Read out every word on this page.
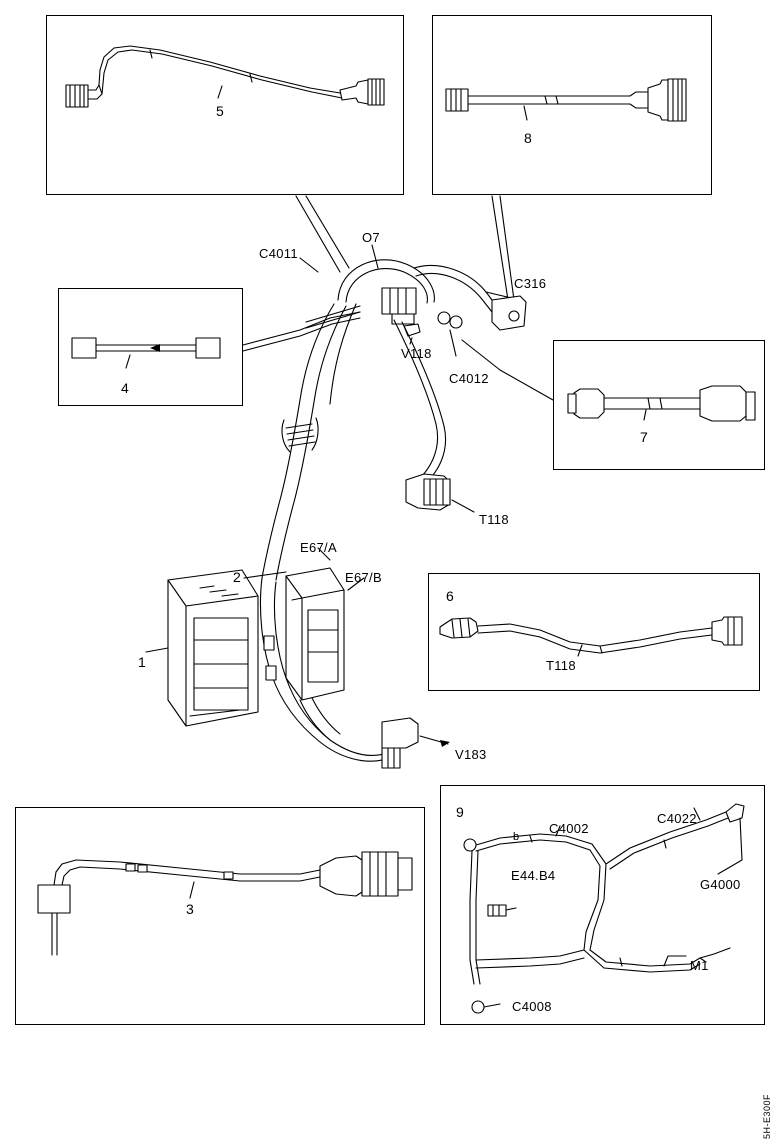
1
2
3
4
5
6
7
8
9
C4011
O7
C316
V118
C4012
T118
E67/A
E67/B
T118
V183
C4002
C4022
G4000
E44.B4
M1
C4008
b
5H-E300F
